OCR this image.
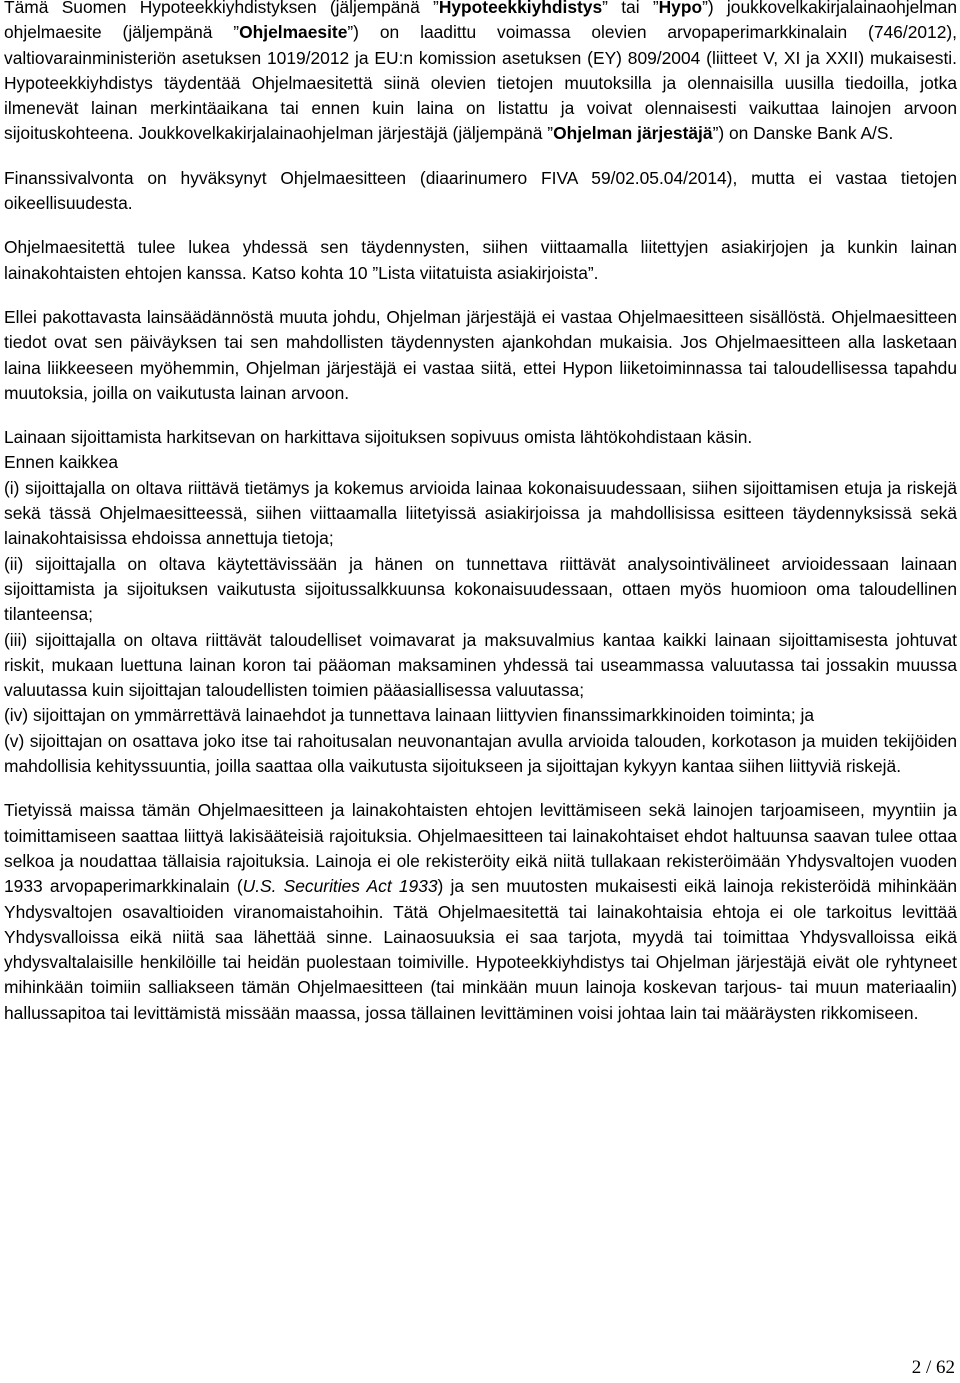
Tämä Suomen Hypoteekkiyhdistyksen (jäljempänä ”Hypoteekkiyhdistys” tai ”Hypo”) joukkovelkakirjalainaohjelman ohjelmaesite (jäljempänä ”Ohjelmaesite”) on laadittu voimassa olevien arvopaperimarkkinalain (746/2012), valtiovarainministeriön asetuksen 1019/2012 ja EU:n komission asetuksen (EY) 809/2004 (liitteet V, XI ja XXII) mukaisesti. Hypoteekkiyhdistys täydentää Ohjelmaesitettä siinä olevien tietojen muutoksilla ja olennaisilla uusilla tiedoilla, jotka ilmenevät lainan merkintäaikana tai ennen kuin laina on listattu ja voivat olennaisesti vaikuttaa lainojen arvoon sijoituskohteena. Joukkovelkakirjalainaohjelman järjestäjä (jäljempänä ”Ohjelman järjestäjä”) on Danske Bank A/S.

Finanssivalvonta on hyväksynyt Ohjelmaesitteen (diaarinumero FIVA 59/02.05.04/2014), mutta ei vastaa tietojen oikeellisuudesta.

Ohjelmaesitettä tulee lukea yhdessä sen täydennysten, siihen viittaamalla liitettyjen asiakirjojen ja kunkin lainan lainakohtaisten ehtojen kanssa. Katso kohta 10 ”Lista viitatuista asiakirjoista”.

Ellei pakottavasta lainsäädännöstä muuta johdu, Ohjelman järjestäjä ei vastaa Ohjelmaesitteen sisällöstä. Ohjelmaesitteen tiedot ovat sen päiväyksen tai sen mahdollisten täydennysten ajankohdan mukaisia. Jos Ohjelmaesitteen alla lasketaan laina liikkeeseen myöhemmin, Ohjelman järjestäjä ei vastaa siitä, ettei Hypon liiketoiminnassa tai taloudellisessa tapahdu muutoksia, joilla on vaikutusta lainan arvoon.

Lainaan sijoittamista harkitsevan on harkittava sijoituksen sopivuus omista lähtökohdistaan käsin.

Ennen kaikkea

(i) sijoittajalla on oltava riittävä tietämys ja kokemus arvioida lainaa kokonaisuudessaan, siihen sijoittamisen etuja ja riskejä sekä tässä Ohjelmaesitteessä, siihen viittaamalla liitetyissä asiakirjoissa ja mahdollisissa esitteen täydennyksissä sekä lainakohtaisissa ehdoissa annettuja tietoja;

(ii) sijoittajalla on oltava käytettävissään ja hänen on tunnettava riittävät analysointivälineet arvioidessaan lainaan sijoittamista ja sijoituksen vaikutusta sijoitussalkkuunsa kokonaisuudessaan, ottaen myös huomioon oma taloudellinen tilanteensa;

(iii) sijoittajalla on oltava riittävät taloudelliset voimavarat ja maksuvalmius kantaa kaikki lainaan sijoittamisesta johtuvat riskit, mukaan luettuna lainan koron tai pääoman maksaminen yhdessä tai useammassa valuutassa tai jossakin muussa valuutassa kuin sijoittajan taloudellisten toimien pääasiallisessa valuutassa;

(iv) sijoittajan on ymmärrettävä lainaehdot ja tunnettava lainaan liittyvien finanssimarkkinoiden toiminta; ja

(v) sijoittajan on osattava joko itse tai rahoitusalan neuvonantajan avulla arvioida talouden, korkotason ja muiden tekijöiden mahdollisia kehityssuuntia, joilla saattaa olla vaikutusta sijoitukseen ja sijoittajan kykyyn kantaa siihen liittyviä riskejä.

Tietyissä maissa tämän Ohjelmaesitteen ja lainakohtaisten ehtojen levittämiseen sekä lainojen tarjoamiseen, myyntiin ja toimittamiseen saattaa liittyä lakisääteisiä rajoituksia. Ohjelmaesitteen tai lainakohtaiset ehdot haltuunsa saavan tulee ottaa selkoa ja noudattaa tällaisia rajoituksia. Lainoja ei ole rekisteröity eikä niitä tullakaan rekisteröimään Yhdysvaltojen vuoden 1933 arvopaperimarkkinalain (U.S. Securities Act 1933) ja sen muutosten mukaisesti eikä lainoja rekisteröidä mihinkään Yhdysvaltojen osavaltioiden viranomaistahoihin. Tätä Ohjelmaesitettä tai lainakohtaisia ehtoja ei ole tarkoitus levittää Yhdysvalloissa eikä niitä saa lähettää sinne. Lainaosuuksia ei saa tarjota, myydä tai toimittaa Yhdysvalloissa eikä yhdysvaltalaisille henkilöille tai heidän puolestaan toimiville. Hypoteekkiyhdistys tai Ohjelman järjestäjä eivät ole ryhtyneet mihinkään toimiin salliakseen tämän Ohjelmaesitteen (tai minkään muun lainoja koskevan tarjous- tai muun materiaalin) hallussapitoa tai levittämistä missään maassa, jossa tällainen levittäminen voisi johtaa lain tai määräysten rikkomiseen.

2 / 62
